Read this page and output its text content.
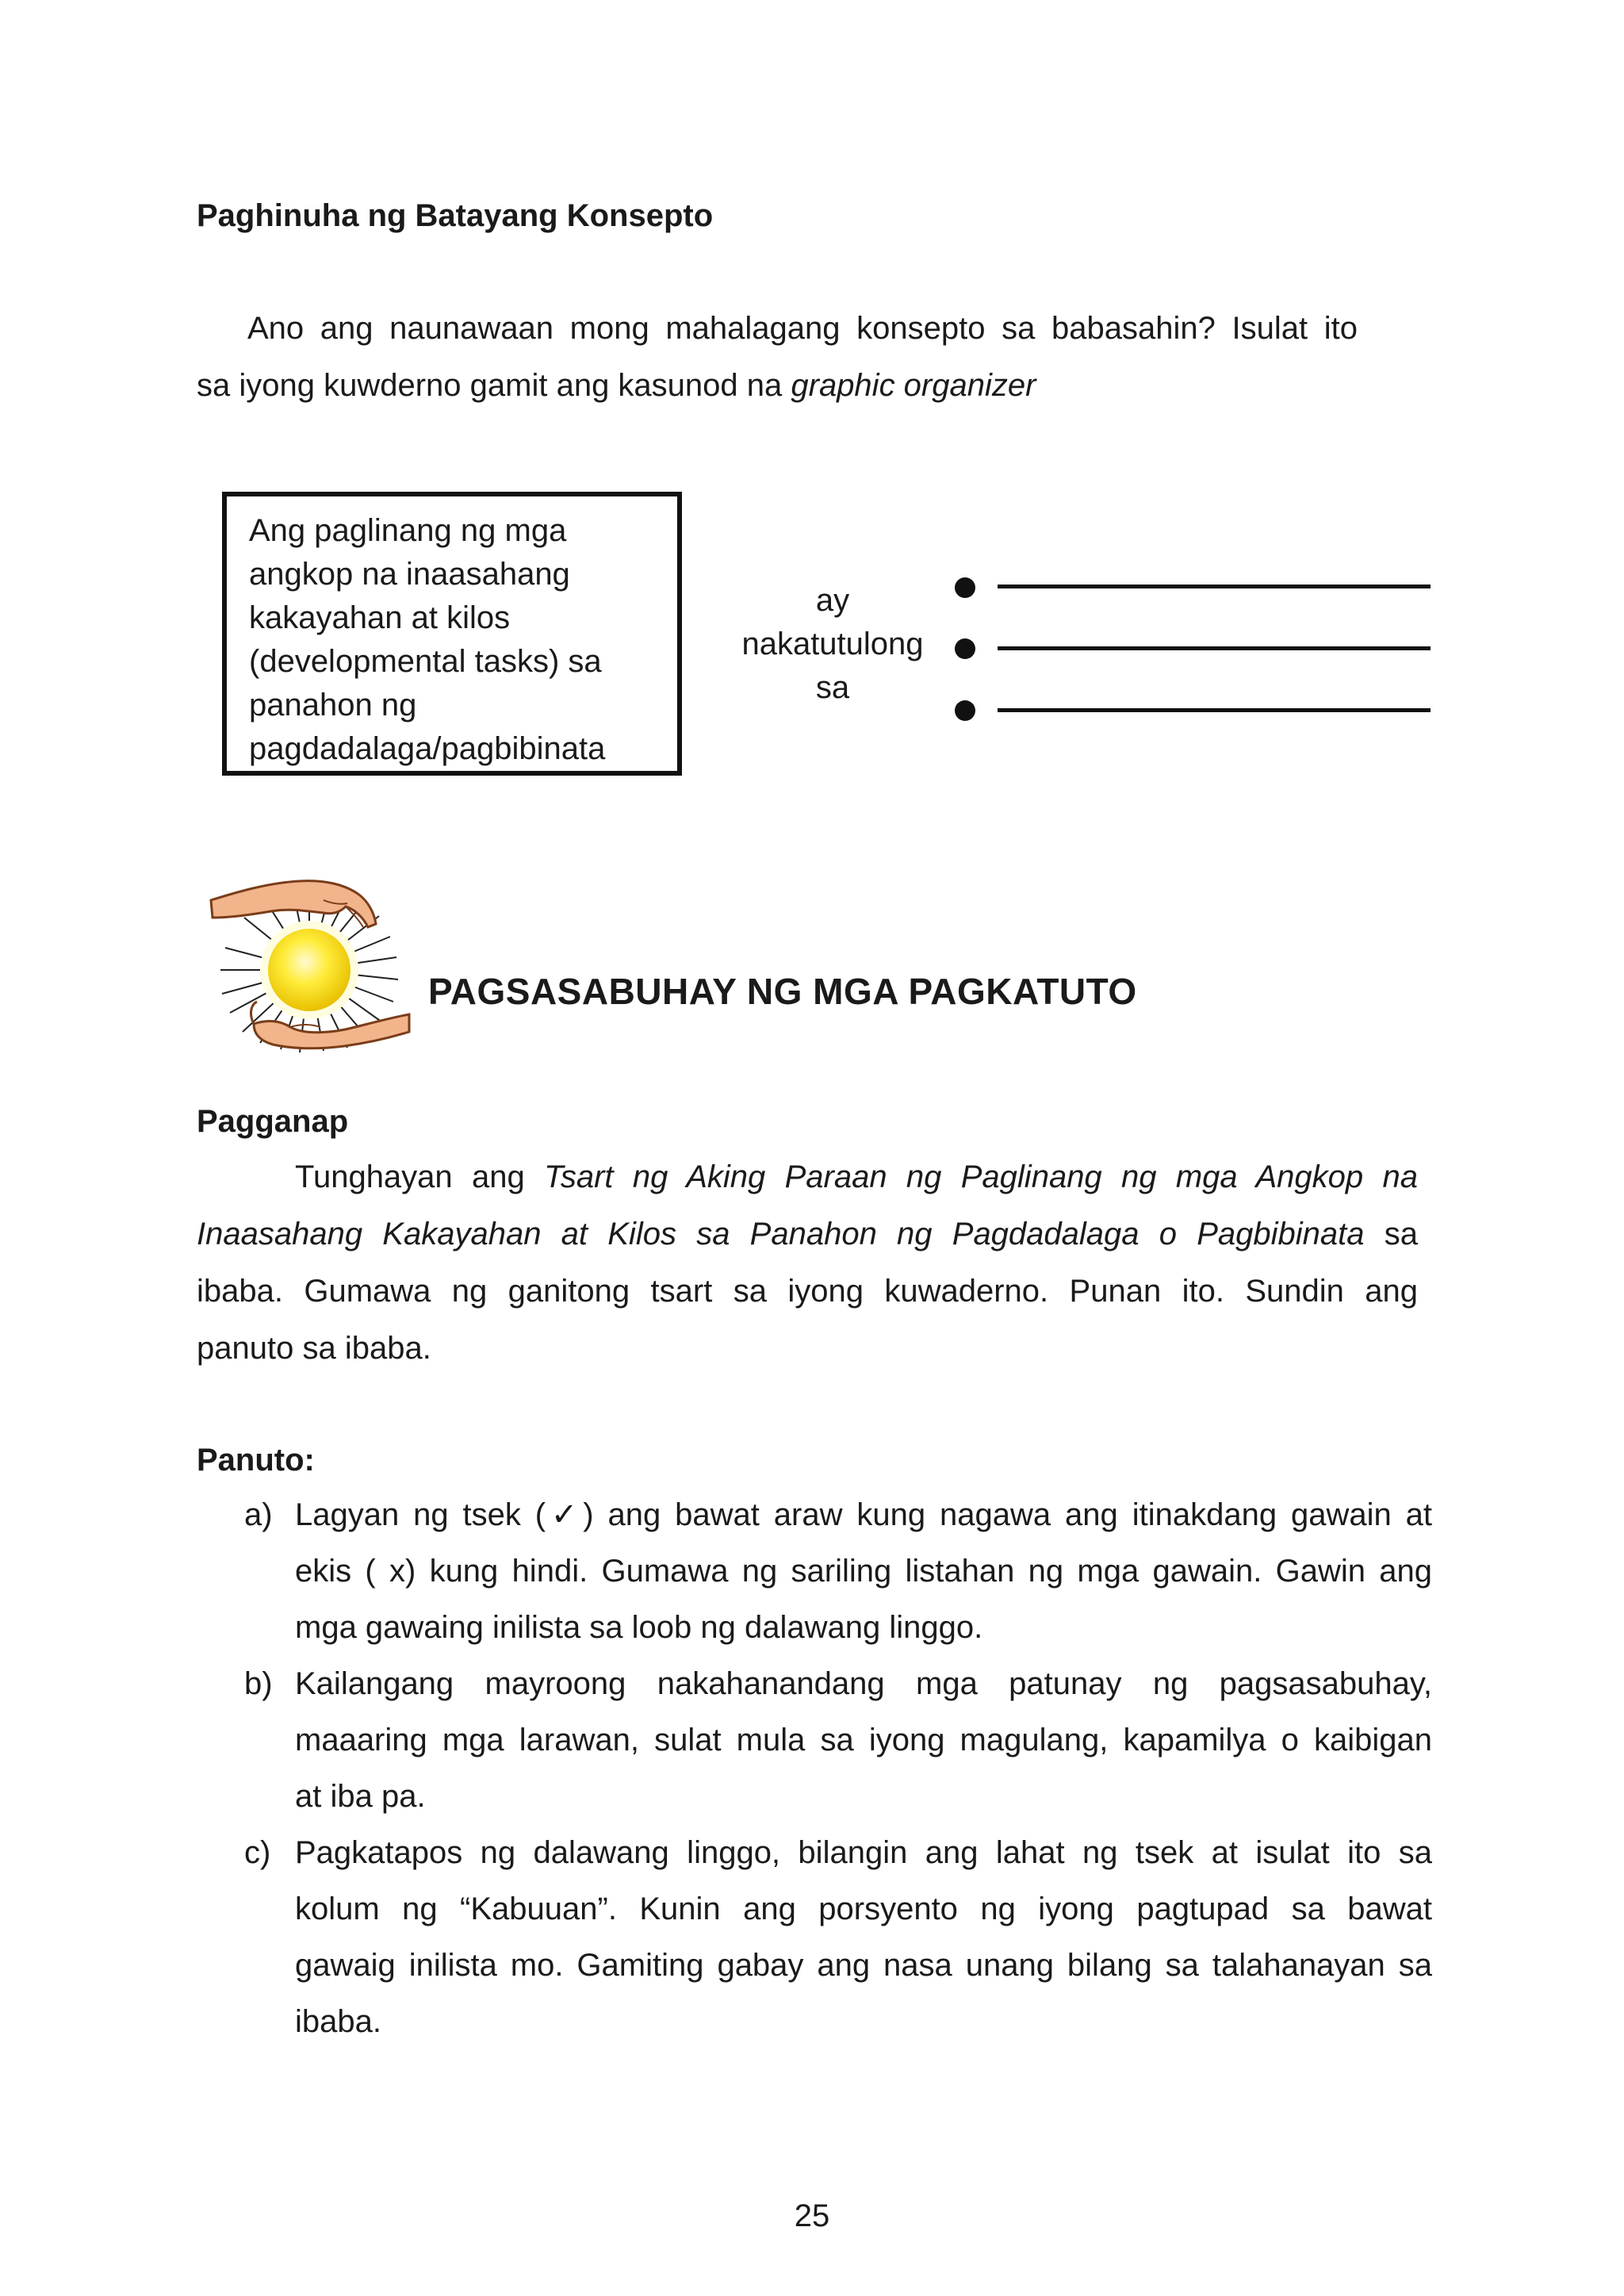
Paghinuha ng Batayang Konsepto
Ano ang naunawaan mong mahalagang konsepto sa babasahin? Isulat ito
sa iyong kuwderno gamit ang kasunod na graphic organizer
Ang paglinang ng mga
angkop na inaasahang
kakayahan at kilos
(developmental tasks) sa
panahon ng
pagdadalaga/pagbibinata
ay
nakatutulong
sa
PAGSASABUHAY NG MGA PAGKATUTO
Pagganap
Tunghayan ang Tsart ng Aking Paraan ng Paglinang ng mga Angkop na
Inaasahang Kakayahan at Kilos sa Panahon ng Pagdadalaga o Pagbibinata sa
ibaba. Gumawa ng ganitong tsart sa iyong kuwaderno. Punan ito. Sundin ang
panuto sa ibaba.
Panuto:
a) Lagyan ng tsek (✓) ang bawat araw kung nagawa ang itinakdang gawain at
ekis ( x) kung hindi. Gumawa ng sariling listahan ng mga gawain. Gawin ang
mga gawaing inilista sa loob ng dalawang linggo.
b) Kailangang mayroong nakahanandang mga patunay ng pagsasabuhay,
maaaring mga larawan, sulat mula sa iyong magulang, kapamilya o kaibigan
at iba pa.
c) Pagkatapos ng dalawang linggo, bilangin ang lahat ng tsek at isulat ito sa
kolum ng “Kabuuan”. Kunin ang porsyento ng iyong pagtupad sa bawat
gawaig inilista mo. Gamiting gabay ang nasa unang bilang sa talahanayan sa
ibaba.
25
